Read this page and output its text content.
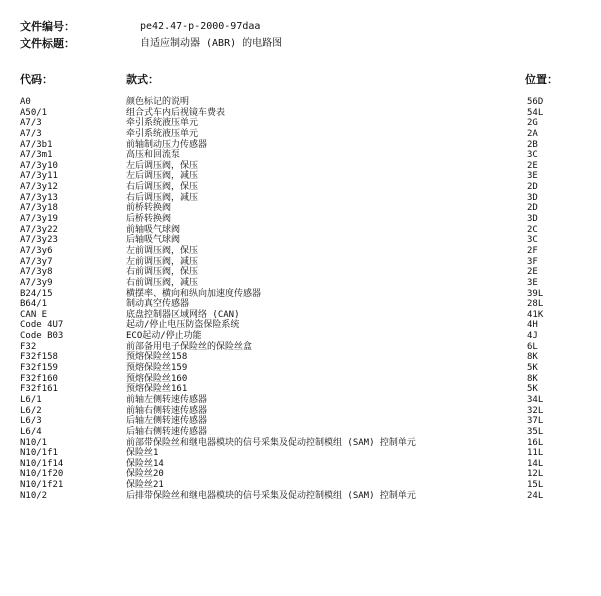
文件编号：	pe42.47-p-2000-97daa
文件标题：	自适应制动器 (ABR) 的电路图
代码：	款式：	位置：
A0	颜色标记的说明	56D
A50/1	组合式车内后视镜车费表	54L
A7/3	牵引系统液压单元	2G
A7/3	牵引系统液压单元	2A
A7/3b1	前轴制动压力传感器	2B
A7/3m1	高压和回流泵	3C
A7/3y10	左后调压阀，保压	2E
A7/3y11	左后调压阀，减压	3E
A7/3y12	右后调压阀，保压	2D
A7/3y13	右后调压阀，减压	3D
A7/3y18	前桥转换阀	2D
A7/3y19	后桥转换阀	3D
A7/3y22	前轴吸气球阀	2C
A7/3y23	后轴吸气球阀	3C
A7/3y6	左前调压阀，保压	2F
A7/3y7	左前调压阀，减压	3F
A7/3y8	右前调压阀，保压	2E
A7/3y9	右前调压阀，减压	3E
B24/15	横摆率、横向和纵向加速度传感器	39L
B64/1	制动真空传感器	28L
CAN E	底盘控制器区域网络 (CAN)	41K
Code 4U7	起动/停止电压防盗保险系统	4H
Code B03	ECO起动/停止功能	4J
F32	前部备用电子保险丝的保险丝盒	6L
F32f158	预熔保险丝158	8K
F32f159	预熔保险丝159	5K
F32f160	预熔保险丝160	8K
F32f161	预熔保险丝161	5K
L6/1	前轴左侧转速传感器	34L
L6/2	前轴右侧转速传感器	32L
L6/3	后轴左侧转速传感器	37L
L6/4	后轴右侧转速传感器	35L
N10/1	前部带保险丝和继电器模块的信号采集及促动控制模组 (SAM) 控制单元	16L
N10/1f1	保险丝1	11L
N10/1f14	保险丝14	14L
N10/1f20	保险丝20	12L
N10/1f21	保险丝21	15L
N10/2	后排带保险丝和继电器模块的信号采集及促动控制模组 (SAM) 控制单元	24L
